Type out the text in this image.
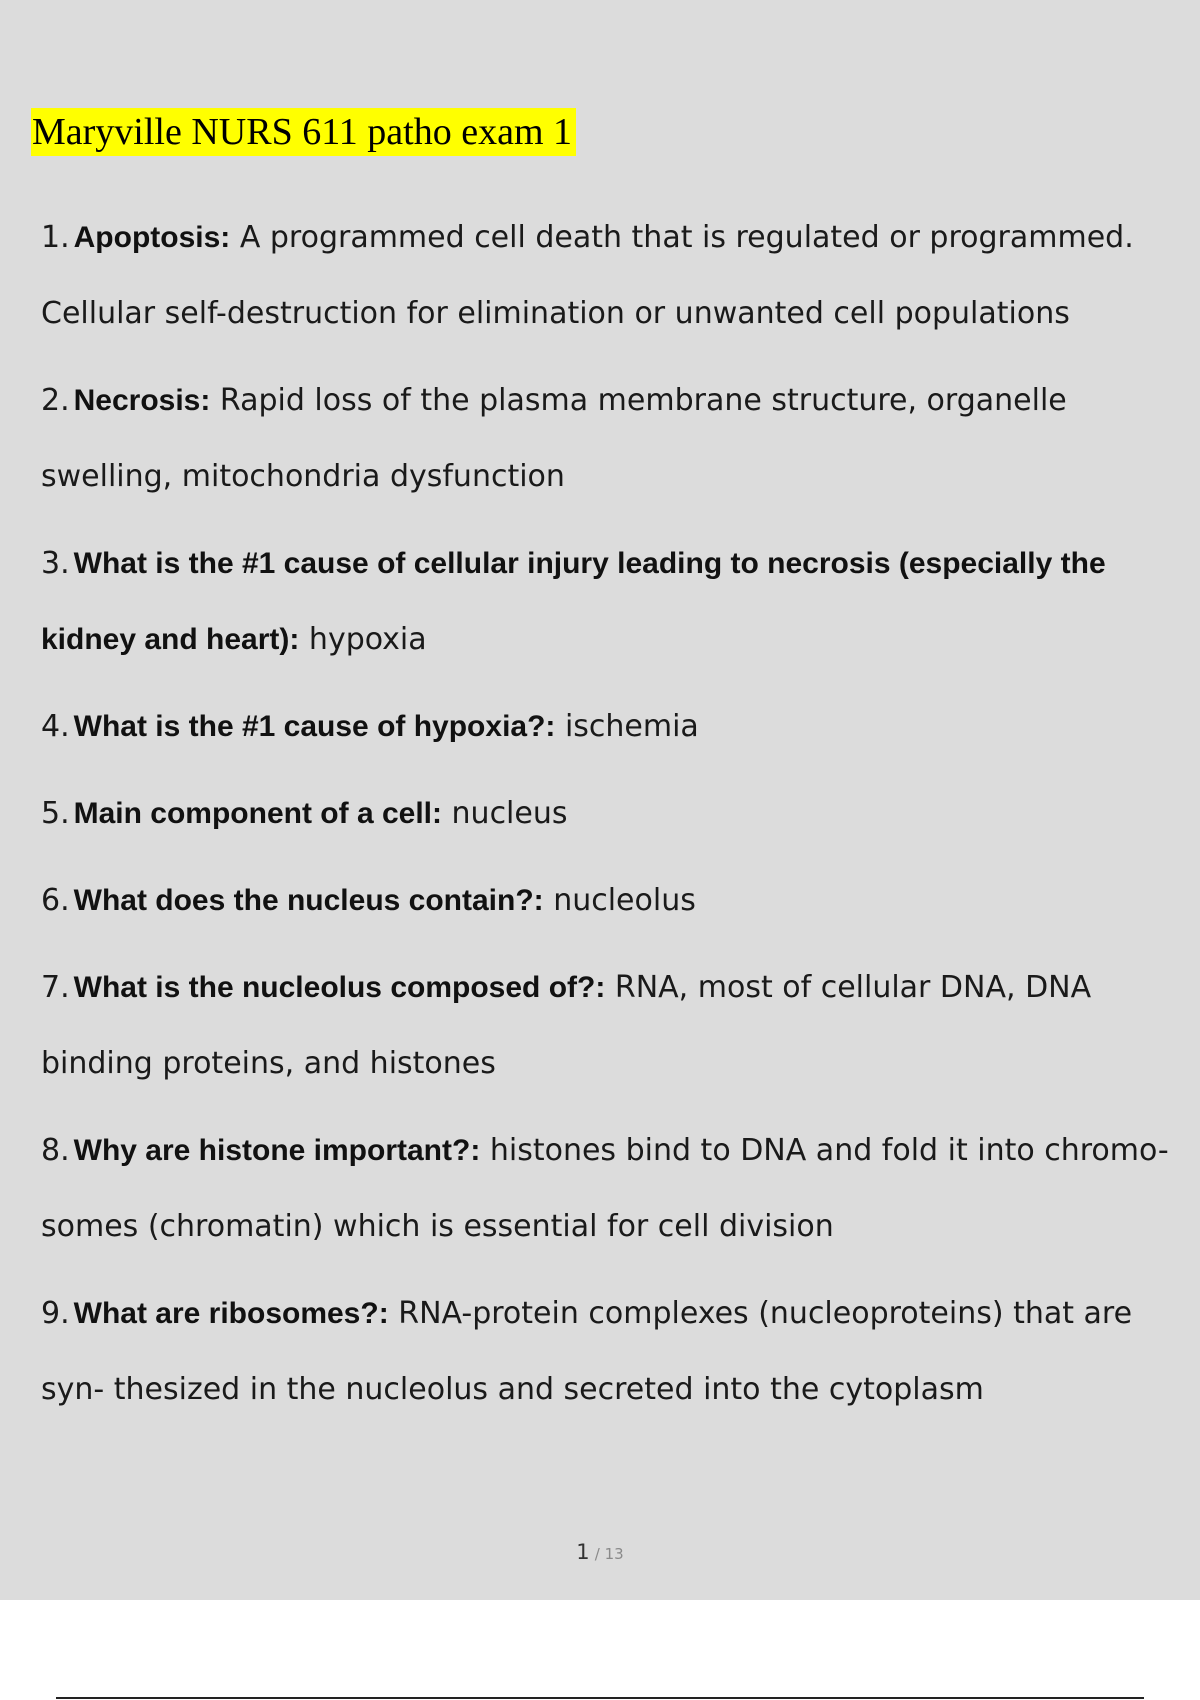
Maryville NURS 611 patho exam 1
1. Apoptosis: A programmed cell death that is regulated or programmed. Cellular self-destruction for elimination or unwanted cell populations
2. Necrosis: Rapid loss of the plasma membrane structure, organelle swelling, mitochondria dysfunction
3. What is the #1 cause of cellular injury leading to necrosis (especially the kidney and heart): hypoxia
4. What is the #1 cause of hypoxia?: ischemia
5. Main component of a cell: nucleus
6. What does the nucleus contain?: nucleolus
7. What is the nucleolus composed of?: RNA, most of cellular DNA, DNA binding proteins, and histones
8. Why are histone important?: histones bind to DNA and fold it into chromo- somes (chromatin) which is essential for cell division
9. What are ribosomes?: RNA-protein complexes (nucleoproteins) that are syn- thesized in the nucleolus and secreted into the cytoplasm
1 / 13
